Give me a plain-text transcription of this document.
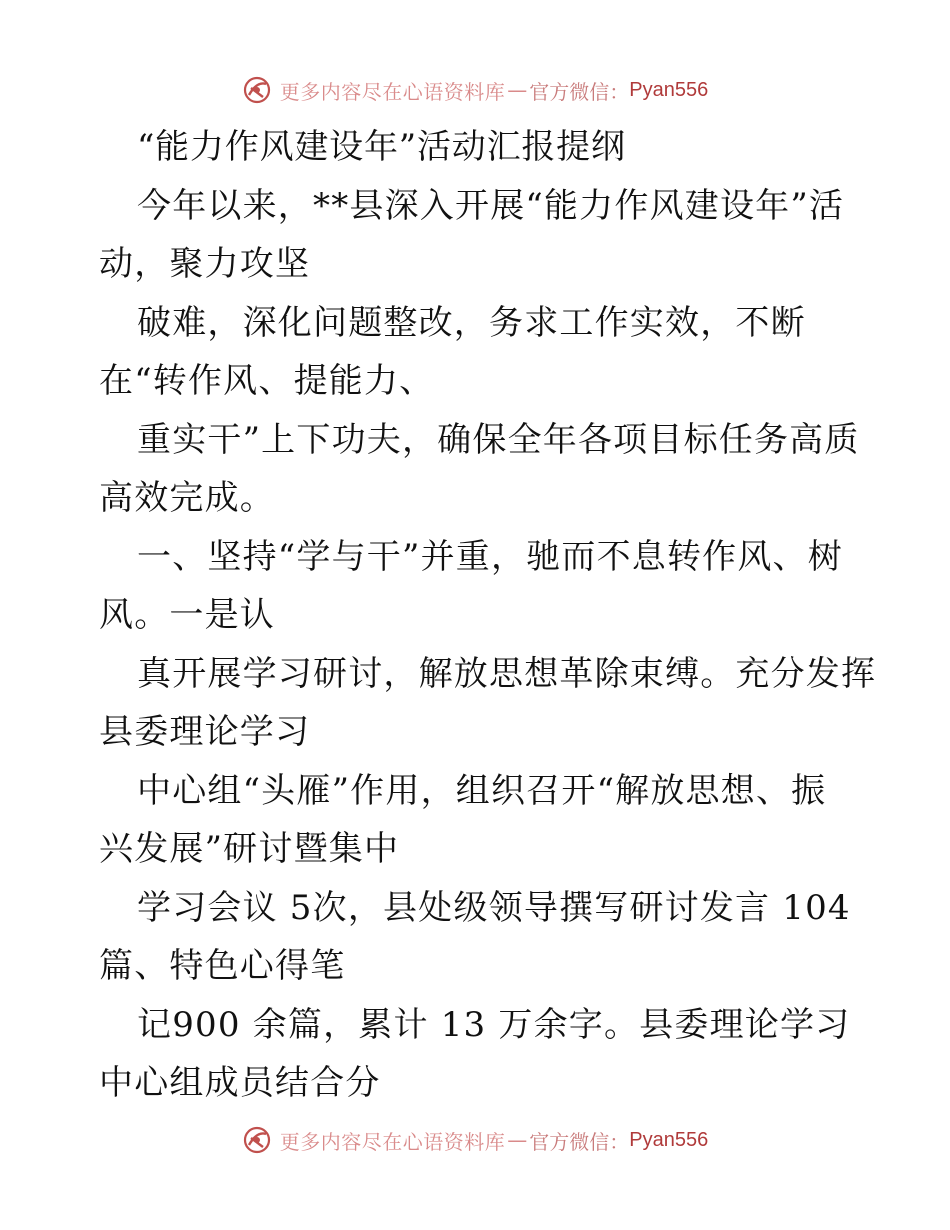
更多内容尽在心语资料库 — 官方微信： Pyan556
“能力作风建设年”活动汇报提纲
今年以来，**县深入开展“能力作风建设年”活
动，聚力攻坚
破难，深化问题整改，务求工作实效，不断
在“转作风、提能力、
重实干”上下功夫，确保全年各项目标任务高质
高效完成。
一、坚持“学与干”并重，驰而不息转作风、树
风。一是认
真开展学习研讨，解放思想革除束缚。充分发挥
县委理论学习
中心组“头雁”作用，组织召开“解放思想、振
兴发展”研讨暨集中
学习会议 5次，县处级领导撰写研讨发言 104
篇、特色心得笔
记900 余篇，累计 13 万余字。县委理论学习
中心组成员结合分
更多内容尽在心语资料库 — 官方微信： Pyan556
